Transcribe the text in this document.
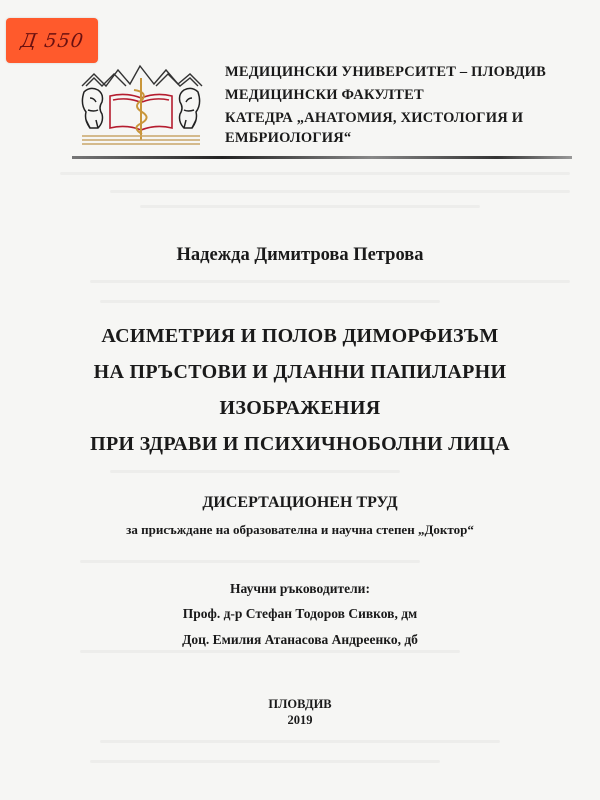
Д 550
МЕДИЦИНСКИ УНИВЕРСИТЕТ – ПЛОВДИВ
МЕДИЦИНСКИ ФАКУЛТЕТ
КАТЕДРА „АНАТОМИЯ, ХИСТОЛОГИЯ И
ЕМБРИОЛОГИЯ“
Надежда Димитрова Петрова
АСИМЕТРИЯ И ПОЛОВ ДИМОРФИЗЪМ
НА ПРЪСТОВИ И ДЛАННИ ПАПИЛАРНИ
ИЗОБРАЖЕНИЯ
ПРИ ЗДРАВИ И ПСИХИЧНОБОЛНИ ЛИЦА
ДИСЕРТАЦИОНЕН ТРУД
за присъждане на образователна и научна степен „Доктор“
Научни ръководители:
Проф. д-р Стефан Тодоров Сивков, дм
Доц. Емилия Атанасова Андреенко, дб
ПЛОВДИВ
2019
